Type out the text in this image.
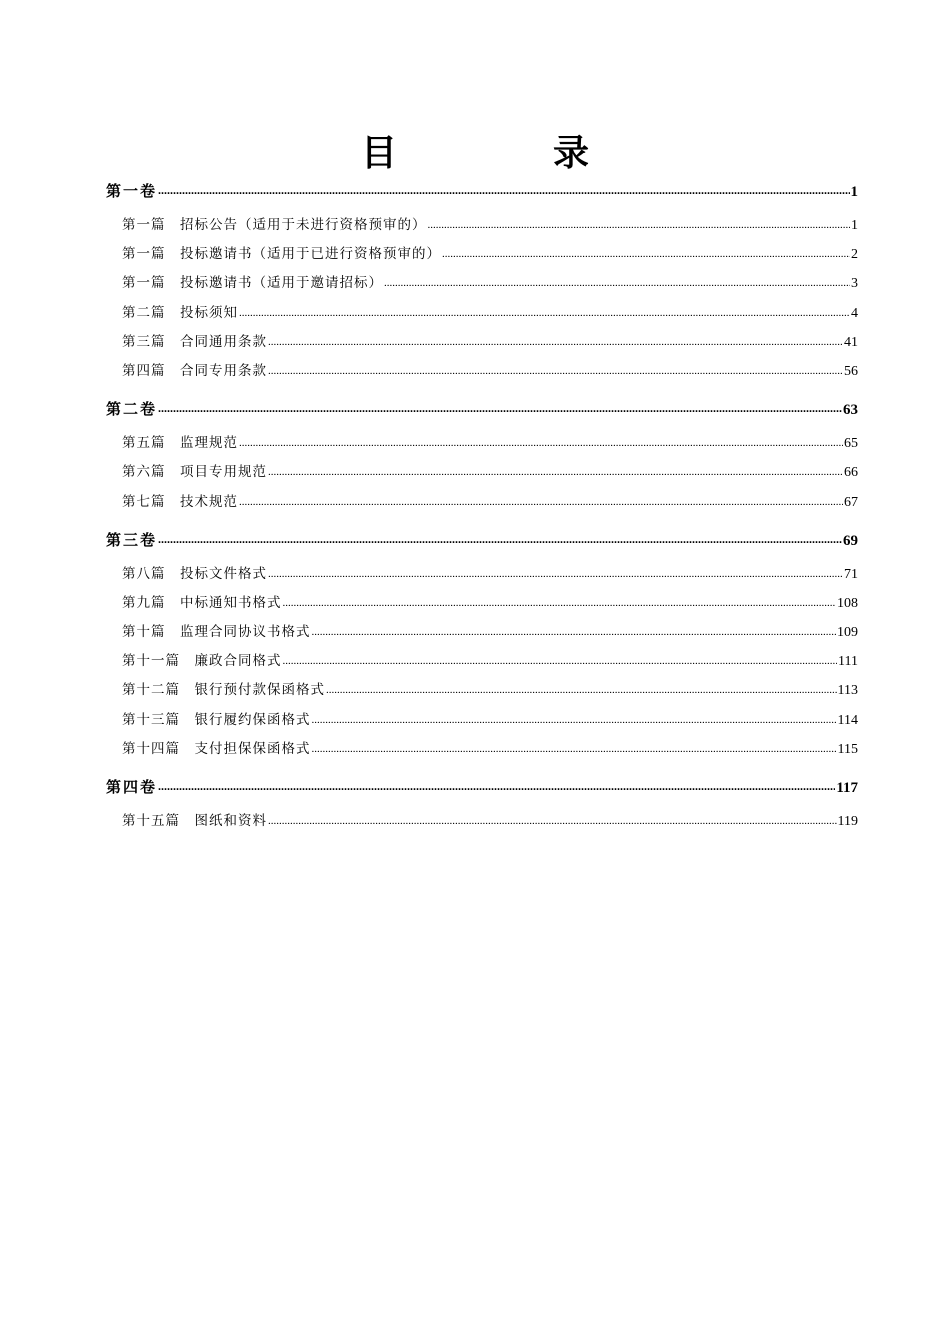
目　录
第一卷 .....	1
第一篇　招标公告（适用于未进行资格预审的） .....	1
第一篇　投标邀请书（适用于已进行资格预审的） .....	2
第一篇　投标邀请书（适用于邀请招标） .....	3
第二篇　投标须知 .....	4
第三篇　合同通用条款 .....	41
第四篇　合同专用条款 .....	56
第二卷 .....	63
第五篇　监理规范 .....	65
第六篇　项目专用规范 .....	66
第七篇　技术规范 .....	67
第三卷 .....	69
第八篇　投标文件格式 .....	71
第九篇　中标通知书格式 .....	108
第十篇　监理合同协议书格式 .....	109
第十一篇　廉政合同格式 .....	111
第十二篇　银行预付款保函格式 .....	113
第十三篇　银行履约保函格式 .....	114
第十四篇　支付担保保函格式 .....	115
第四卷 .....	117
第十五篇　图纸和资料 .....	119
